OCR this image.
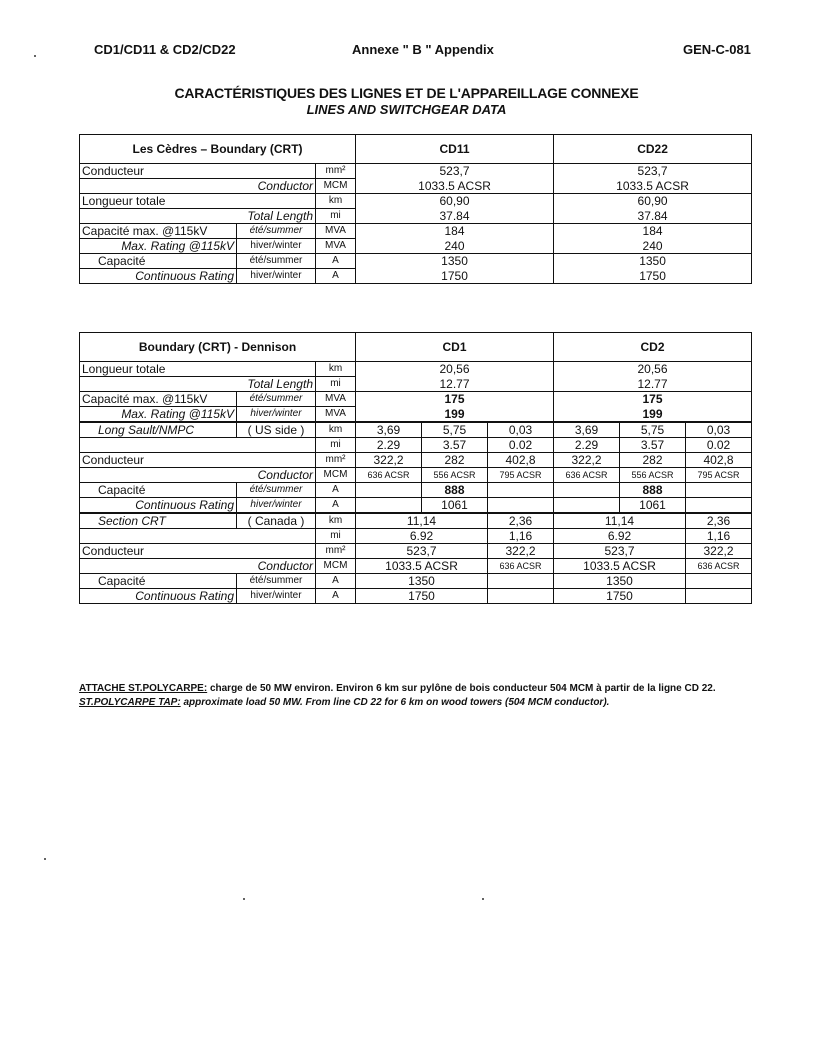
CD1/CD11 & CD2/CD22	Annexe " B " Appendix	GEN-C-081
CARACTÉRISTIQUES DES LIGNES ET DE L'APPAREILLAGE CONNEXE
LINES AND SWITCHGEAR DATA
Les Cèdres – Boundary (CRT)			CD11	CD22
Conducteur		mm²	523,7	523,7
Conductor		MCM	1033.5 ACSR	1033.5 ACSR
Longueur totale		km	60,90	60,90
Total Length		mi	37.84	37.84
Capacité max. @115kV	été/summer	MVA	184	184
Max. Rating @115kV	hiver/winter	MVA	240	240
Capacité	été/summer	A	1350	1350
Continuous Rating	hiver/winter	A	1750	1750
Boundary (CRT) - Dennison			CD1			CD2		
Longueur totale		km	20,56			20,56		
Total Length		mi	12.77			12.77		
Capacité max. @115kV	été/summer	MVA	175			175		
Max. Rating @115kV	hiver/winter	MVA	199			199		
Long Sault/NMPC	( US side )	km	3,69	5,75	0,03	3,69	5,75	0,03
		mi	2.29	3.57	0.02	2.29	3.57	0.02
Conducteur		mm²	322,2	282	402,8	322,2	282	402,8
Conductor		MCM	636 ACSR	556 ACSR	795 ACSR	636 ACSR	556 ACSR	795 ACSR
Capacité	été/summer	A		888			888	
Continuous Rating	hiver/winter	A		1061			1061	
Section CRT	( Canada )	km	11,14		2,36	11,14		2,36
		mi	6.92		1,16	6.92		1,16
Conducteur		mm²	523,7		322,2	523,7		322,2
Conductor		MCM	1033.5 ACSR		636 ACSR	1033.5 ACSR		636 ACSR
Capacité	été/summer	A	1350			1350		
Continuous Rating	hiver/winter	A	1750			1750		
ATTACHE ST.POLYCARPE: charge de 50 MW environ. Environ 6 km sur pylône de bois conducteur 504 MCM à partir de la ligne CD 22.
ST.POLYCARPE TAP: approximate load 50 MW. From line CD 22 for 6 km on wood towers (504 MCM conductor).
